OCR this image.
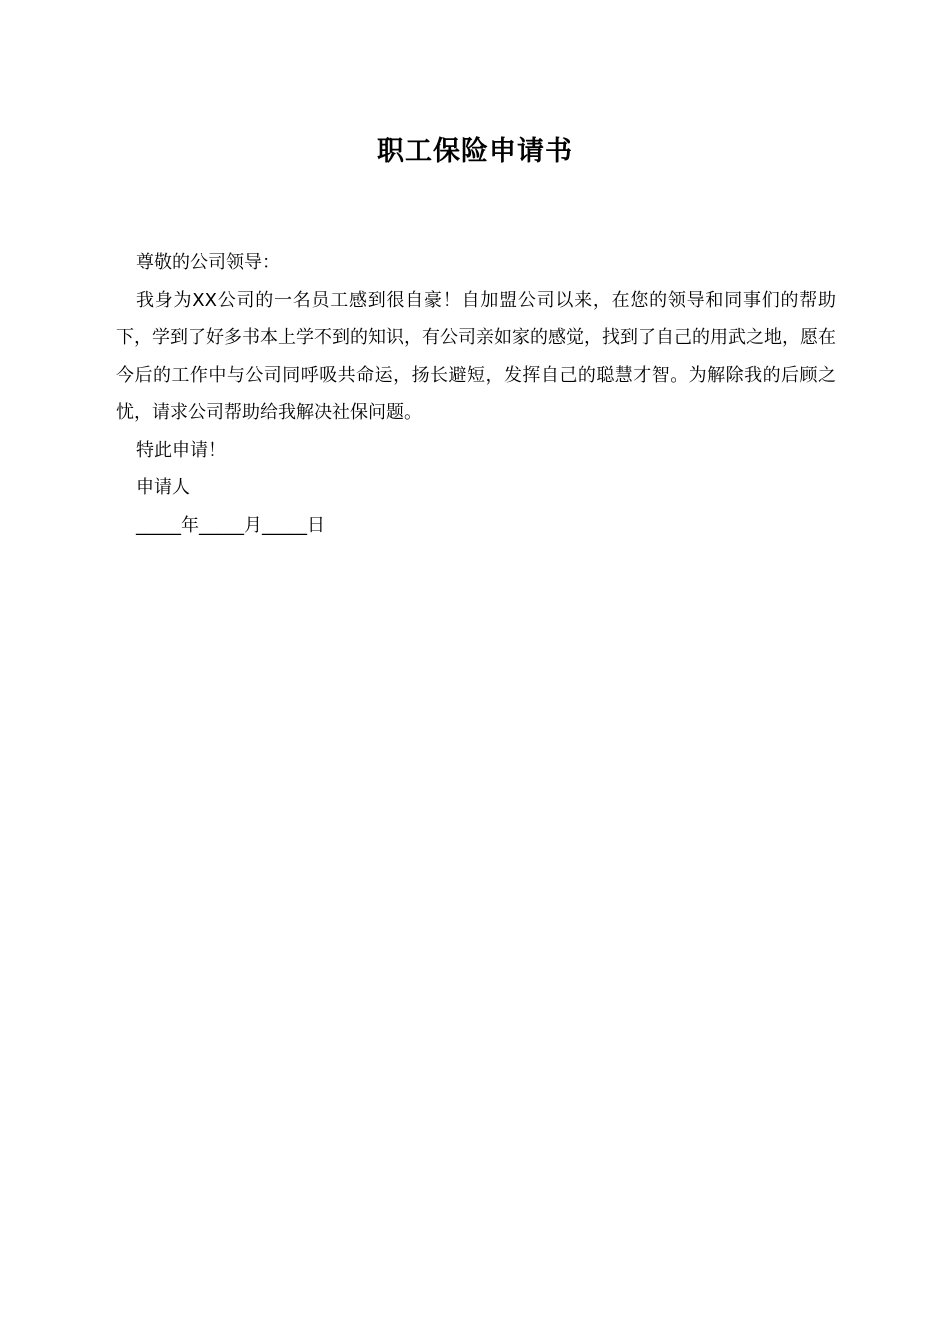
职工保险申请书

尊敬的公司领导：

我身为XX公司的一名员工感到很自豪！自加盟公司以来，在您的领导和同事们的帮助下，学到了好多书本上学不到的知识，有公司亲如家的感觉，找到了自己的用武之地，愿在今后的工作中与公司同呼吸共命运，扬长避短，发挥自己的聪慧才智。为解除我的后顾之忧，请求公司帮助给我解决社保问题。

特此申请！

申请人

_____年_____月_____日
